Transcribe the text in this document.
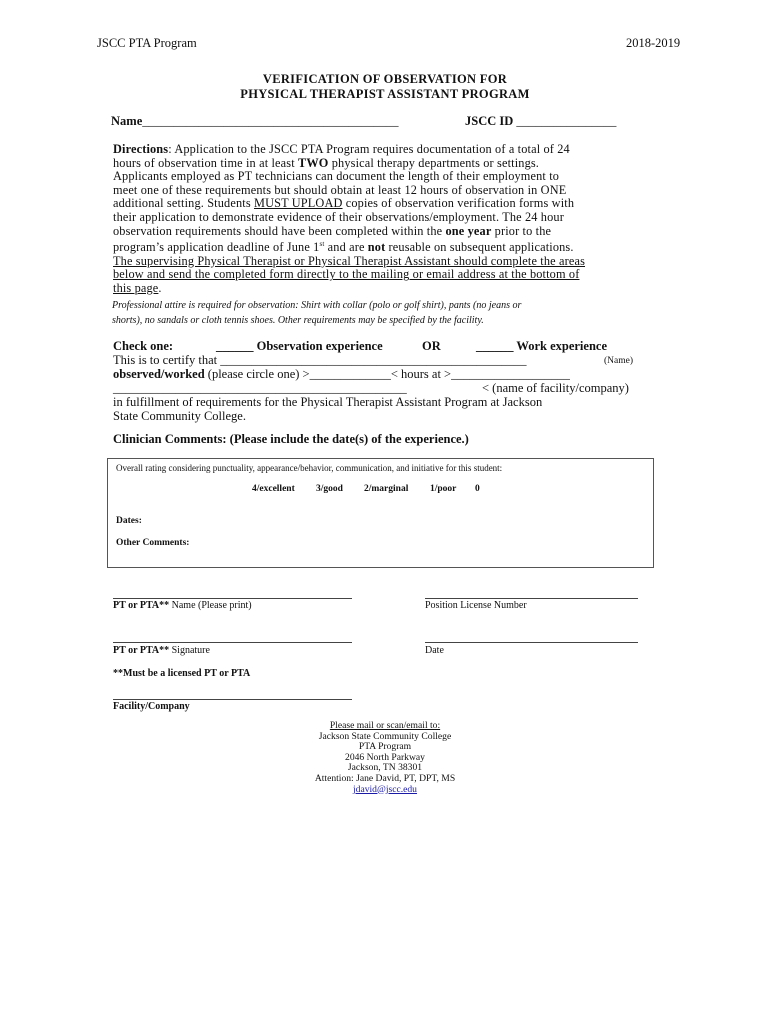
JSCC PTA Program	2018-2019
VERIFICATION OF OBSERVATION FOR
PHYSICAL THERAPIST ASSISTANT PROGRAM
Name_________________________________________	JSCC ID ________________
Directions: Application to the JSCC PTA Program requires documentation of a total of 24
hours of observation time in at least TWO physical therapy departments or settings.
Applicants employed as PT technicians can document the length of their employment to
meet one of these requirements but should obtain at least 12 hours of observation in ONE
additional setting. Students MUST UPLOAD copies of observation verification forms with
their application to demonstrate evidence of their observations/employment. The 24 hour
observation requirements should have been completed within the one year prior to the
program’s application deadline of June 1st and are not reusable on subsequent applications.
The supervising Physical Therapist or Physical Therapist Assistant should complete the areas
below and send the completed form directly to the mailing or email address at the bottom of
this page.
Professional attire is required for observation: Shirt with collar (polo or golf shirt), pants (no jeans or
shorts), no sandals or cloth tennis shoes. Other requirements may be specified by the facility.
Check one:	______ Observation experience	OR	______ Work experience
This is to certify that _________________________________________________	(Name)
observed/worked (please circle one) >_____________< hours at >___________________
_______________________________________________	< (name of facility/company)
in fulfillment of requirements for the Physical Therapist Assistant Program at Jackson
State Community College.
Clinician Comments: (Please include the date(s) of the experience.)
Overall rating considering punctuality, appearance/behavior, communication, and initiative for this student:
4/excellent 3/good 2/marginal 1/poor 0
Dates:
Other Comments:
PT or PTA** Name (Please print)	Position License Number
PT or PTA** Signature	Date
**Must be a licensed PT or PTA
Facility/Company
Please mail or scan/email to:
Jackson State Community College
PTA Program
2046 North Parkway
Jackson, TN 38301
Attention: Jane David, PT, DPT, MS
jdavid@jscc.edu
